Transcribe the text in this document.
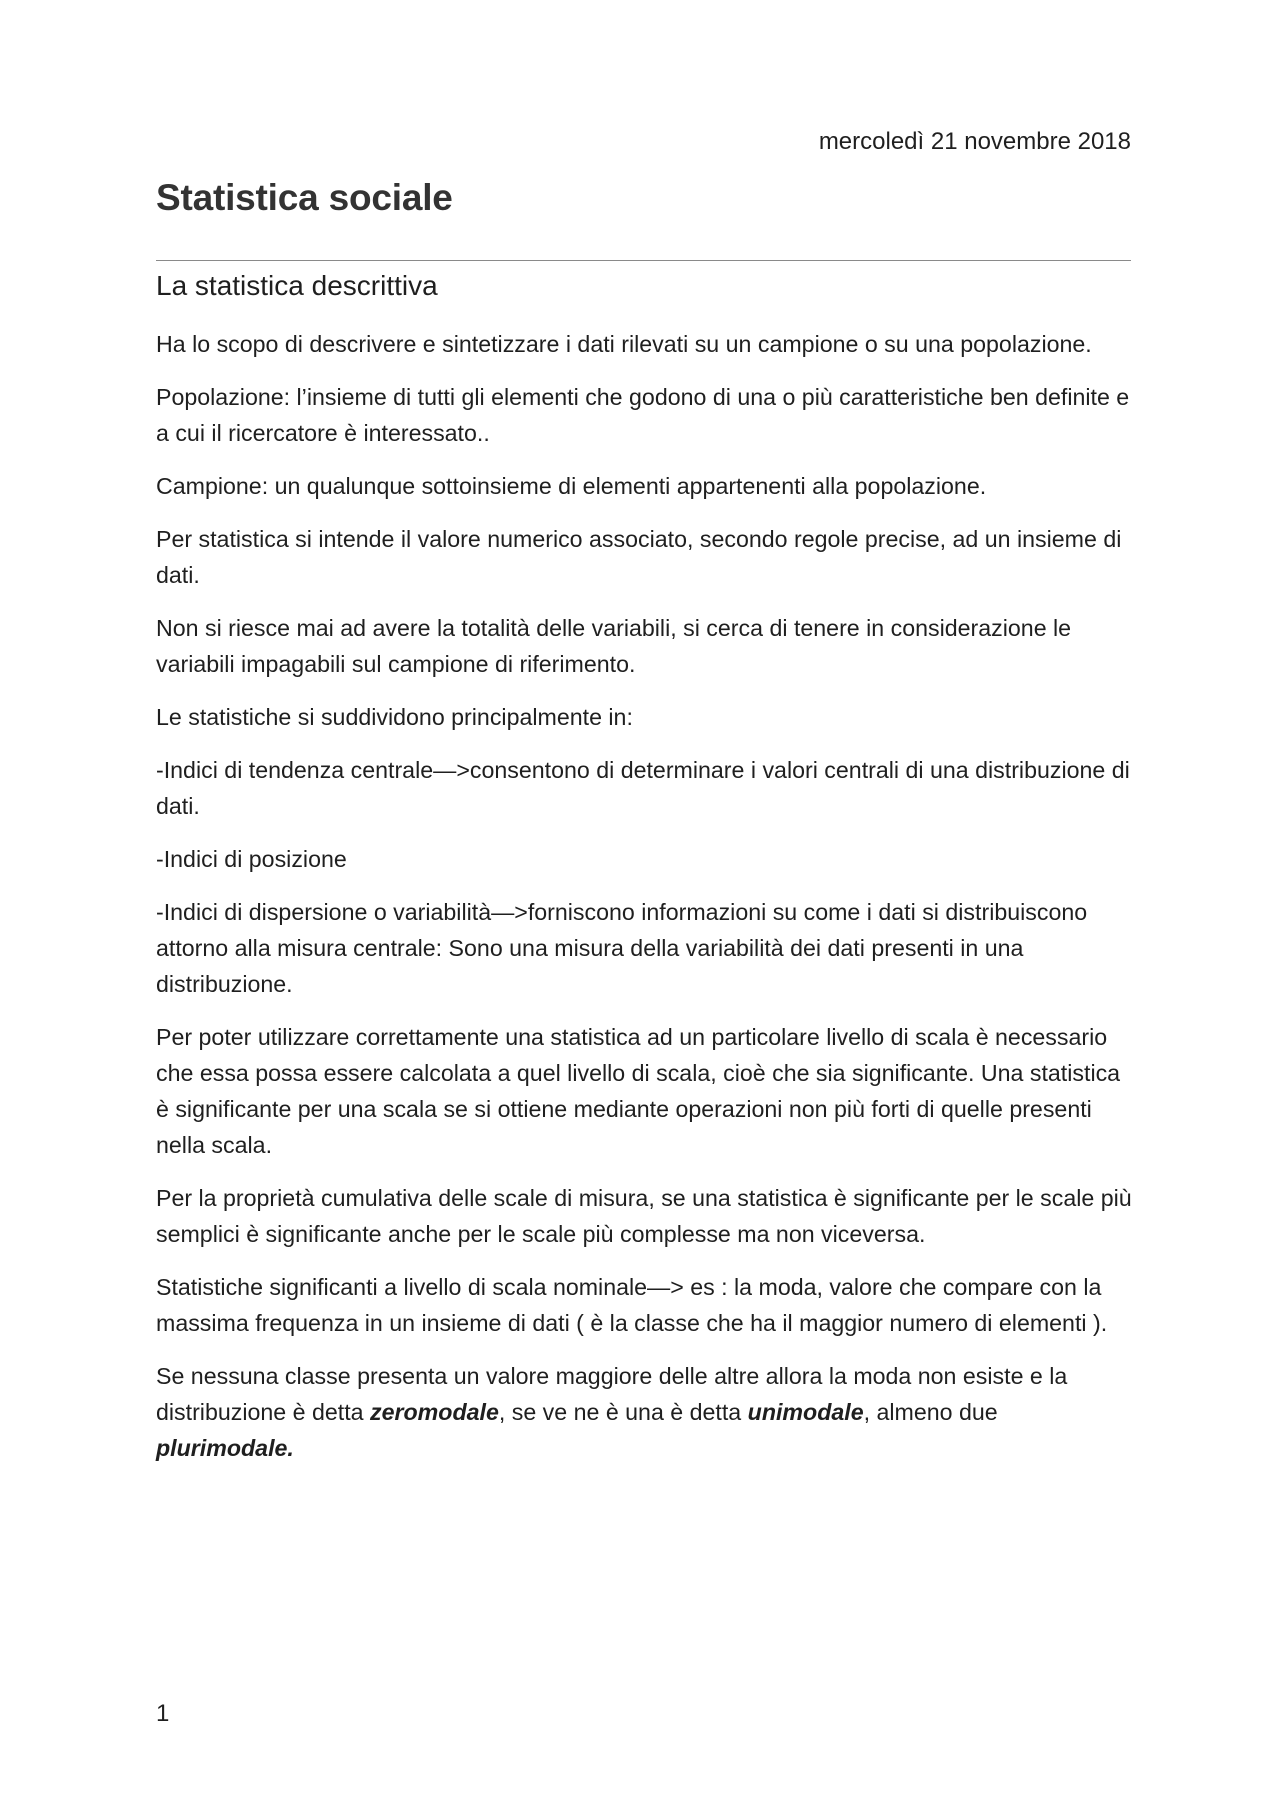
mercoledì 21 novembre 2018
Statistica sociale
La statistica descrittiva

Ha lo scopo di descrivere e sintetizzare i dati rilevati su un campione o su una popolazione.

Popolazione: l’insieme di tutti gli elementi che godono di una o più caratteristiche ben definite e a cui il ricercatore è interessato..

Campione: un qualunque sottoinsieme di elementi appartenenti alla popolazione.

Per statistica si intende il valore numerico associato, secondo regole precise, ad un insieme di dati.

Non si riesce mai ad avere la totalità delle variabili, si cerca di tenere in considerazione le variabili impagabili sul campione di riferimento.

Le statistiche si suddividono principalmente in:

-Indici di tendenza centrale—>consentono di determinare i valori centrali di una distribuzione di dati.

-Indici di posizione

-Indici di dispersione o variabilità—>forniscono informazioni su come i dati si distribuiscono attorno alla misura centrale: Sono una misura della variabilità dei dati presenti in una distribuzione.

Per poter utilizzare correttamente una statistica ad un particolare livello di scala è necessario che essa possa essere calcolata a quel livello di scala, cioè che sia significante. Una statistica è significante per una scala se si ottiene mediante operazioni non più forti di quelle presenti nella scala.

Per la proprietà cumulativa delle scale di misura, se una statistica è significante per le scale più semplici è significante anche per le scale più complesse ma non viceversa.

Statistiche significanti a livello di scala nominale—> es : la moda, valore che compare con la massima frequenza in un insieme di dati ( è la classe che ha il maggior numero di elementi ).

Se nessuna classe presenta un valore maggiore delle altre allora la moda non esiste e la distribuzione è detta zeromodale, se ve ne è una è detta unimodale, almeno due  plurimodale.

1
